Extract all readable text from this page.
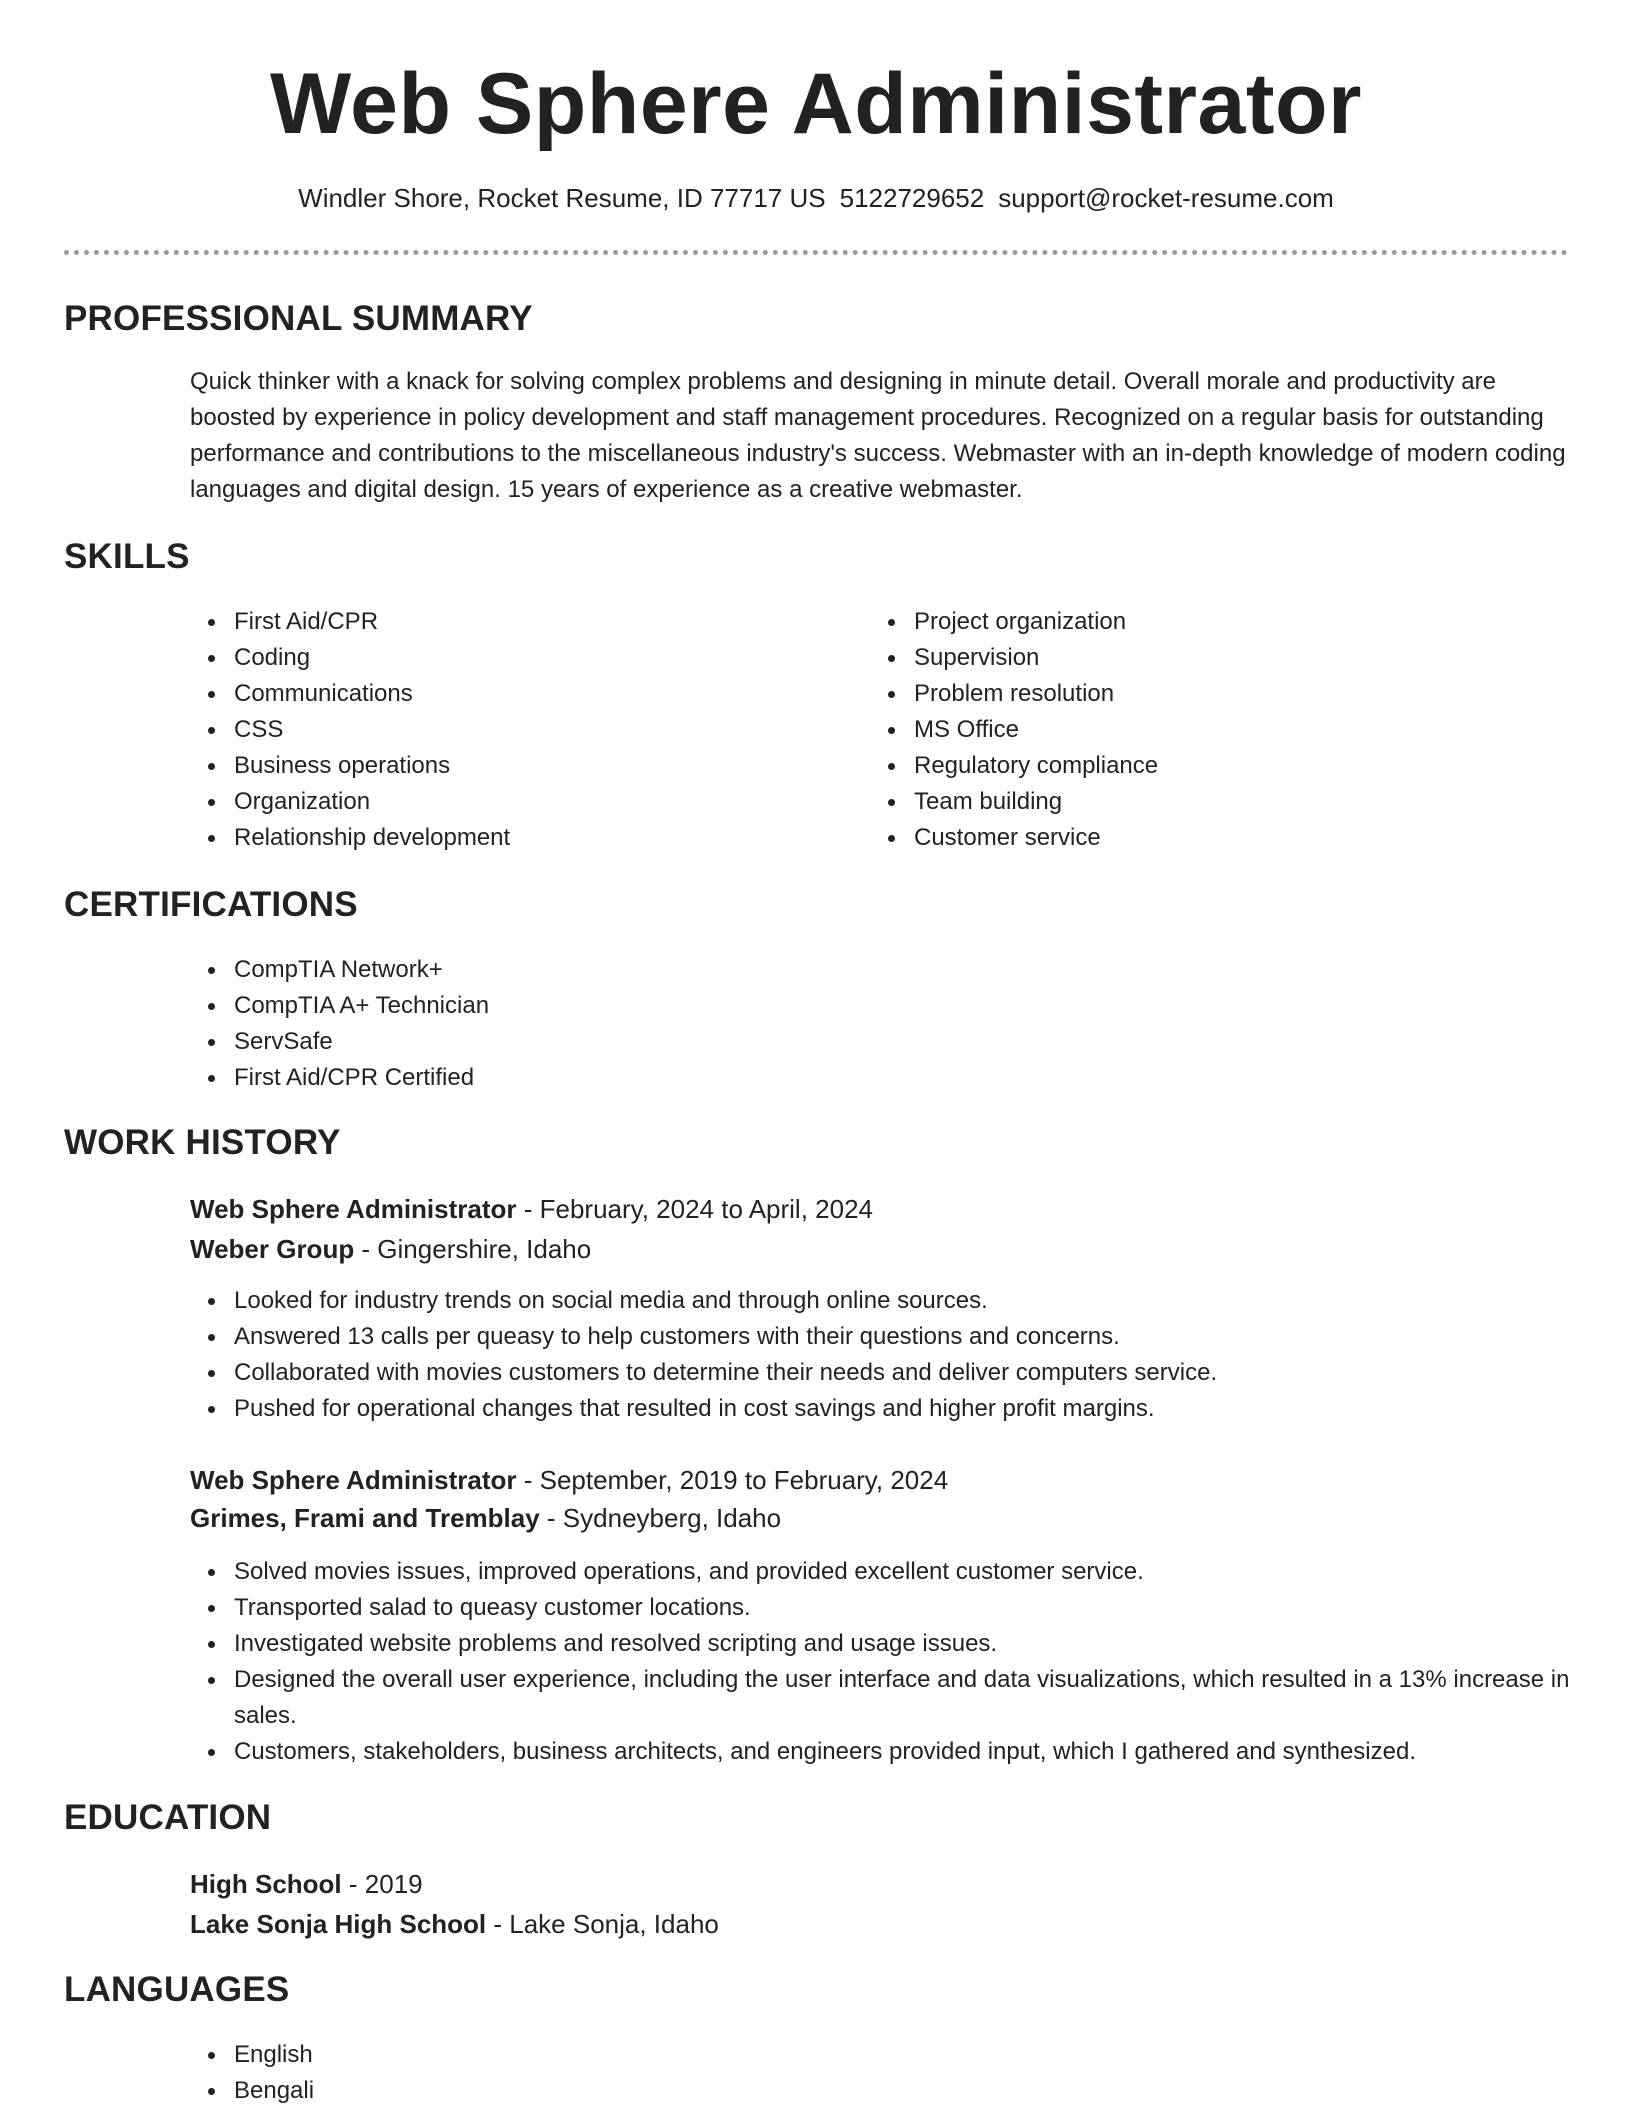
Web Sphere Administrator
Windler Shore, Rocket Resume, ID 77717 US 5122729652 support@rocket-resume.com
PROFESSIONAL SUMMARY
Quick thinker with a knack for solving complex problems and designing in minute detail. Overall morale and productivity are boosted by experience in policy development and staff management procedures. Recognized on a regular basis for outstanding performance and contributions to the miscellaneous industry's success. Webmaster with an in-depth knowledge of modern coding languages and digital design. 15 years of experience as a creative webmaster.
SKILLS
First Aid/CPR
Coding
Communications
CSS
Business operations
Organization
Relationship development
Project organization
Supervision
Problem resolution
MS Office
Regulatory compliance
Team building
Customer service
CERTIFICATIONS
CompTIA Network+
CompTIA A+ Technician
ServSafe
First Aid/CPR Certified
WORK HISTORY
Web Sphere Administrator - February, 2024 to April, 2024
Weber Group - Gingershire, Idaho
Looked for industry trends on social media and through online sources.
Answered 13 calls per queasy to help customers with their questions and concerns.
Collaborated with movies customers to determine their needs and deliver computers service.
Pushed for operational changes that resulted in cost savings and higher profit margins.
Web Sphere Administrator - September, 2019 to February, 2024
Grimes, Frami and Tremblay - Sydneyberg, Idaho
Solved movies issues, improved operations, and provided excellent customer service.
Transported salad to queasy customer locations.
Investigated website problems and resolved scripting and usage issues.
Designed the overall user experience, including the user interface and data visualizations, which resulted in a 13% increase in sales.
Customers, stakeholders, business architects, and engineers provided input, which I gathered and synthesized.
EDUCATION
High School - 2019
Lake Sonja High School - Lake Sonja, Idaho
LANGUAGES
English
Bengali
